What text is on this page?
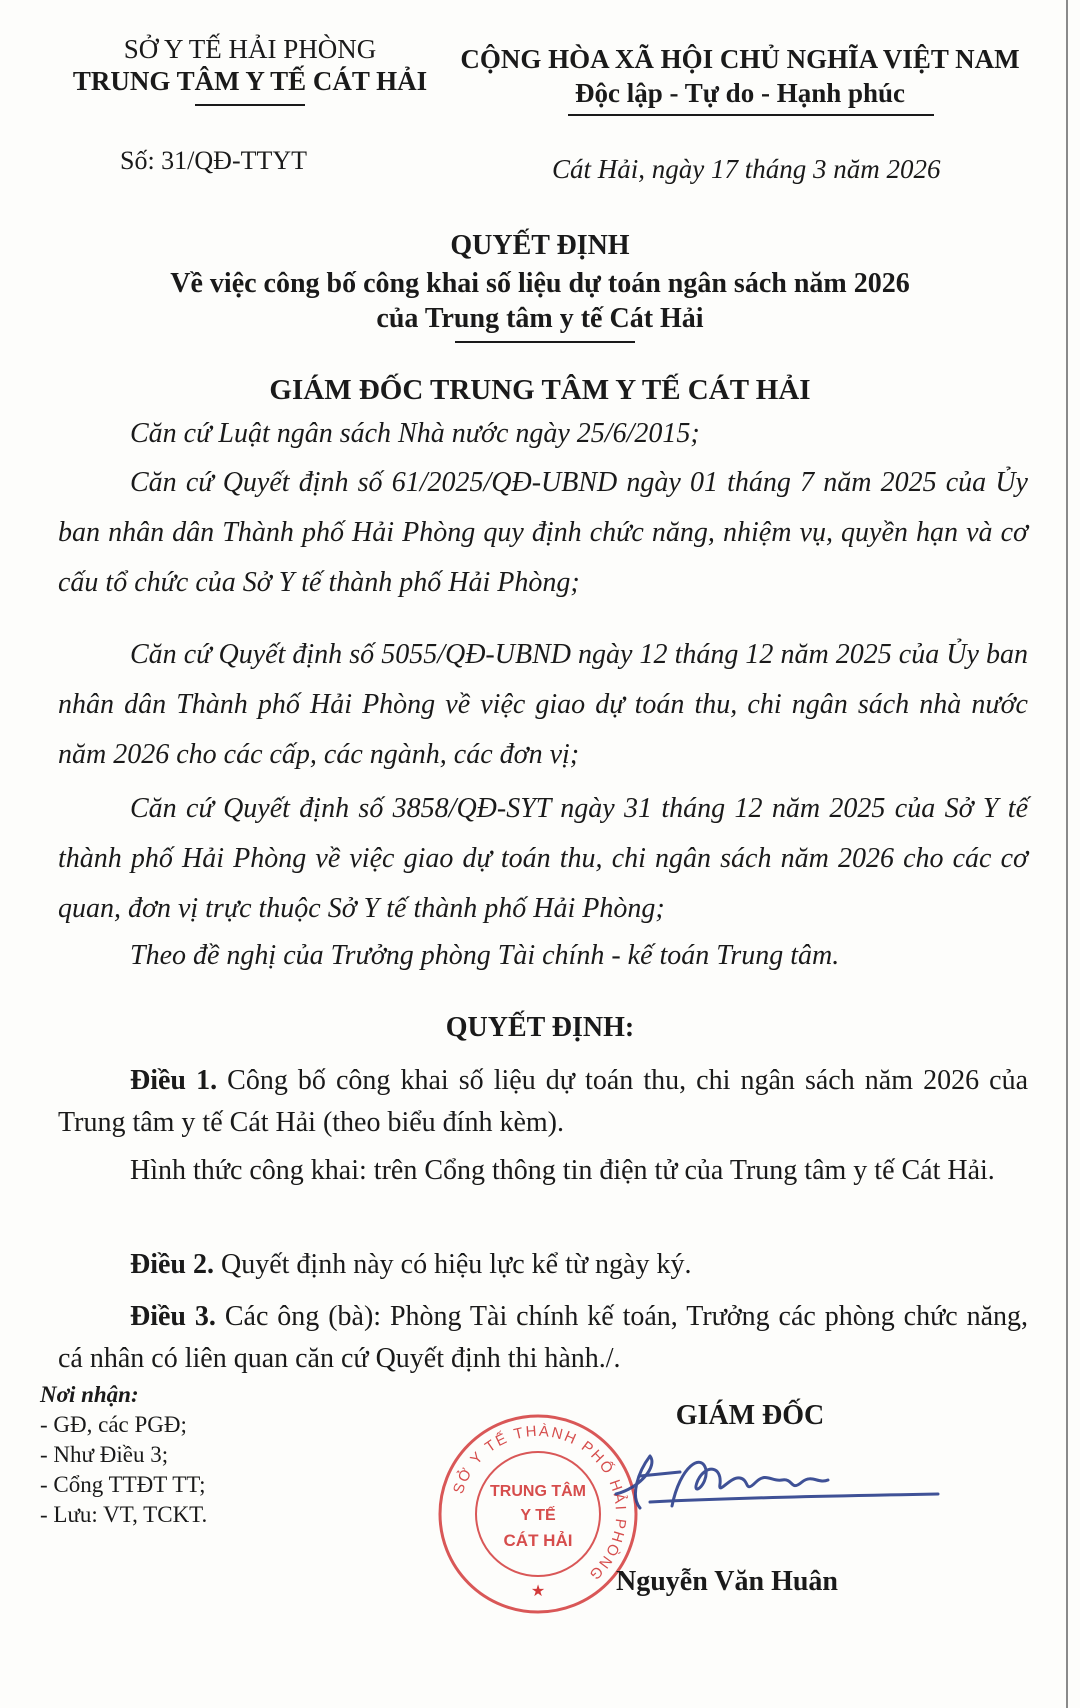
SỞ Y TẾ HẢI PHÒNG
TRUNG TÂM Y TẾ CÁT HẢI
Số: 31/QĐ-TTYT
CỘNG HÒA XÃ HỘI CHỦ NGHĨA VIỆT NAM
Độc lập - Tự do - Hạnh phúc
Cát Hải, ngày 17 tháng 3 năm 2026
QUYẾT ĐỊNH
Về việc công bố công khai số liệu dự toán ngân sách năm 2026
của Trung tâm y tế Cát Hải
GIÁM ĐỐC TRUNG TÂM Y TẾ CÁT HẢI
Căn cứ Luật ngân sách Nhà nước ngày 25/6/2015;
Căn cứ Quyết định số 61/2025/QĐ-UBND ngày 01 tháng 7 năm 2025 của Ủy ban nhân dân Thành phố Hải Phòng quy định chức năng, nhiệm vụ, quyền hạn và cơ cấu tổ chức của Sở Y tế thành phố Hải Phòng;
Căn cứ Quyết định số 5055/QĐ-UBND ngày 12 tháng 12 năm 2025 của Ủy ban nhân dân Thành phố Hải Phòng về việc giao dự toán thu, chi ngân sách nhà nước năm 2026 cho các cấp, các ngành, các đơn vị;
Căn cứ Quyết định số 3858/QĐ-SYT ngày 31 tháng 12 năm 2025 của Sở Y tế thành phố Hải Phòng về việc giao dự toán thu, chi ngân sách năm 2026 cho các cơ quan, đơn vị trực thuộc Sở Y tế thành phố Hải Phòng;
Theo đề nghị của Trưởng phòng Tài chính - kế toán Trung tâm.
QUYẾT ĐỊNH:
Điều 1. Công bố công khai số liệu dự toán thu, chi ngân sách năm 2026 của Trung tâm y tế Cát Hải (theo biểu đính kèm).
Hình thức công khai: trên Cổng thông tin điện tử của Trung tâm y tế Cát Hải.
Điều 2. Quyết định này có hiệu lực kể từ ngày ký.
Điều 3. Các ông (bà): Phòng Tài chính kế toán, Trưởng các phòng chức năng, cá nhân có liên quan căn cứ Quyết định thi hành./.
Nơi nhận:
- GĐ, các PGĐ;
- Như Điều 3;
- Cổng TTĐT TT;
- Lưu: VT, TCKT.
GIÁM ĐỐC
SỞ Y TẾ THÀNH PHỐ HẢI PHÒNG
★
TRUNG TÂM
Y TẾ
CÁT HẢI
Nguyễn Văn Huân
